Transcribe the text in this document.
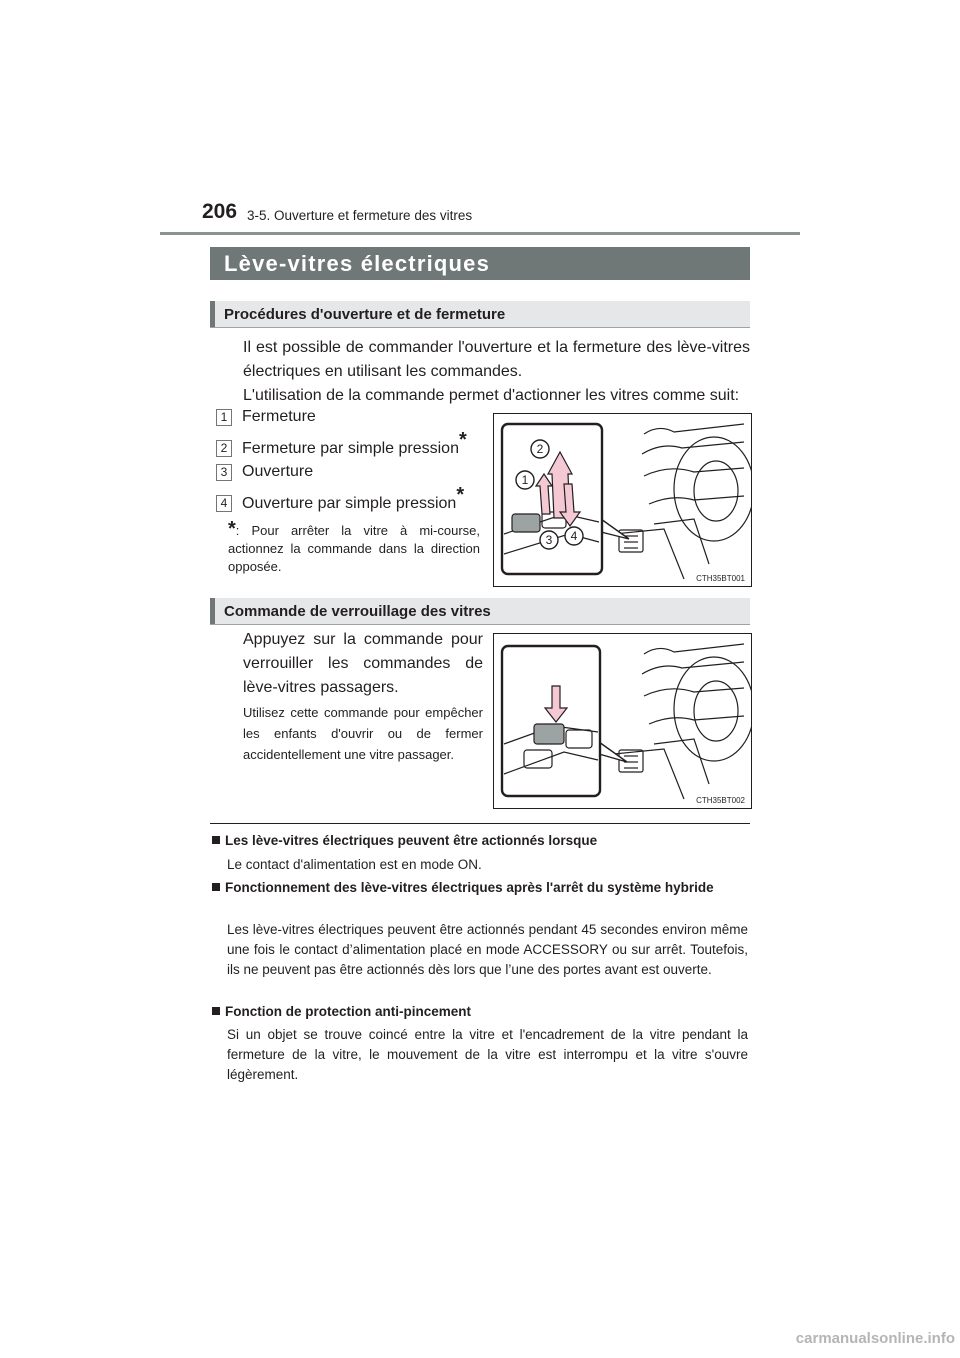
206 3-5. Ouverture et fermeture des vitres
Lève-vitres électriques
Procédures d'ouverture et de fermeture

Il est possible de commander l'ouverture et la fermeture des lève-vitres électriques en utilisant les commandes.

L'utilisation de la commande permet d'actionner les vitres comme suit:

1 Fermeture
2 Fermeture par simple pression*
3 Ouverture
4 Ouverture par simple pression*
*: Pour arrêter la vitre à mi-course, actionnez la commande dans la direction opposée.
2
1
3 4
CTH35BT001
Commande de verrouillage des vitres
Appuyez sur la commande pour verrouiller les commandes de lève-vitres passagers.
Utilisez cette commande pour empêcher les enfants d'ouvrir ou de fermer accidentellement une vitre passager.
CTH35BT002
Les lève-vitres électriques peuvent être actionnés lorsque
Le contact d'alimentation est en mode ON.
Fonctionnement des lève-vitres électriques après l'arrêt du système hybride
Les lève-vitres électriques peuvent être actionnés pendant 45 secondes environ même une fois le contact d’alimentation placé en mode ACCESSORY ou sur arrêt. Toutefois, ils ne peuvent pas être actionnés dès lors que l’une des portes avant est ouverte.
Fonction de protection anti-pincement
Si un objet se trouve coincé entre la vitre et l'encadrement de la vitre pendant la fermeture de la vitre, le mouvement de la vitre est interrompu et la vitre s'ouvre légèrement.
carmanualsonline.info
